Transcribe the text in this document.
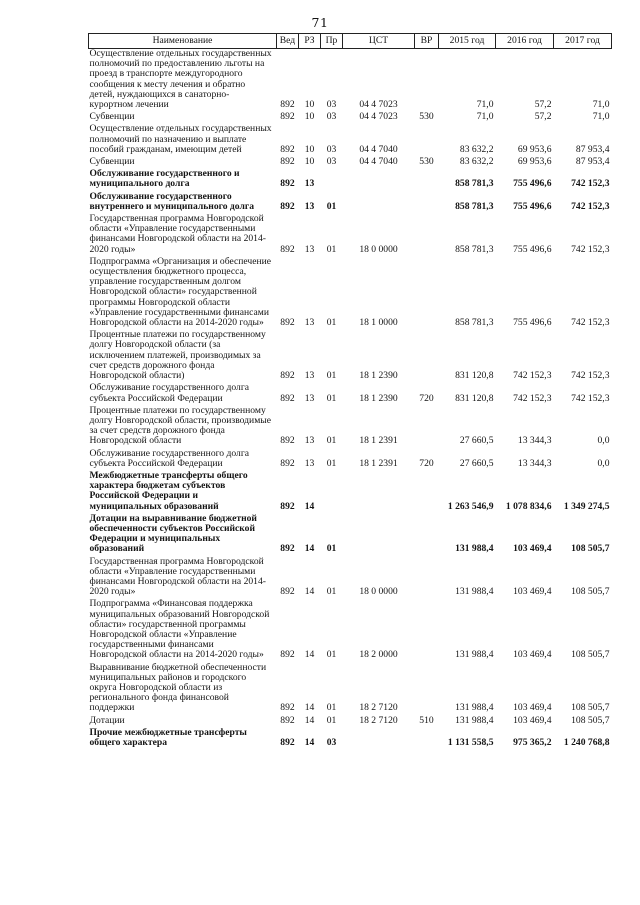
71
Наименование	Вед	РЗ	Пр	ЦСТ	ВР	2015 год	2016 год	2017 год
Осуществление отдельных государственных полномочий по предоставлению льготы на проезд в транспорте междугородного сообщения к месту лечения и обратно детей, нуждающихся в санаторно-курортном лечении	892	10	03	04 4 7023		71,0	57,2	71,0
Субвенции	892	10	03	04 4 7023	530	71,0	57,2	71,0
Осуществление отдельных государственных полномочий по назначению и выплате пособий гражданам, имеющим детей	892	10	03	04 4 7040		83 632,2	69 953,6	87 953,4
Субвенции	892	10	03	04 4 7040	530	83 632,2	69 953,6	87 953,4
Обслуживание государственного и муниципального долга	892	13				858 781,3	755 496,6	742 152,3
Обслуживание государственного внутреннего и муниципального долга	892	13	01			858 781,3	755 496,6	742 152,3
Государственная программа Новгородской области «Управление государственными финансами Новгородской области на 2014-2020 годы»	892	13	01	18 0 0000		858 781,3	755 496,6	742 152,3
Подпрограмма «Организация и обеспечение осуществления бюджетного процесса, управление государственным долгом Новгородской области» государственной программы Новгородской области «Управление государственными финансами Новгородской области на 2014-2020 годы»	892	13	01	18 1 0000		858 781,3	755 496,6	742 152,3
Процентные платежи по государственному долгу Новгородской области (за исключением платежей, производимых за счет средств дорожного фонда Новгородской области)	892	13	01	18 1 2390		831 120,8	742 152,3	742 152,3
Обслуживание государственного долга субъекта Российской Федерации	892	13	01	18 1 2390	720	831 120,8	742 152,3	742 152,3
Процентные платежи по государственному долгу Новгородской области, производимые за счет средств дорожного фонда Новгородской области	892	13	01	18 1 2391		27 660,5	13 344,3	0,0
Обслуживание государственного долга субъекта Российской Федерации	892	13	01	18 1 2391	720	27 660,5	13 344,3	0,0
Межбюджетные трансферты общего характера бюджетам субъектов Российской Федерации и муниципальных образований	892	14				1 263 546,9	1 078 834,6	1 349 274,5
Дотации на выравнивание бюджетной обеспеченности субъектов Российской Федерации и муниципальных образований	892	14	01			131 988,4	103 469,4	108 505,7
Государственная программа Новгородской области «Управление государственными финансами Новгородской области на 2014-2020 годы»	892	14	01	18 0 0000		131 988,4	103 469,4	108 505,7
Подпрограмма «Финансовая поддержка муниципальных образований Новгородской области» государственной программы Новгородской области «Управление государственными финансами Новгородской области на 2014-2020 годы»	892	14	01	18 2 0000		131 988,4	103 469,4	108 505,7
Выравнивание бюджетной обеспеченности муниципальных районов и городского округа Новгородской области из регионального фонда финансовой поддержки	892	14	01	18 2 7120		131 988,4	103 469,4	108 505,7
Дотации	892	14	01	18 2 7120	510	131 988,4	103 469,4	108 505,7
Прочие межбюджетные трансферты общего характера	892	14	03			1 131 558,5	975 365,2	1 240 768,8
